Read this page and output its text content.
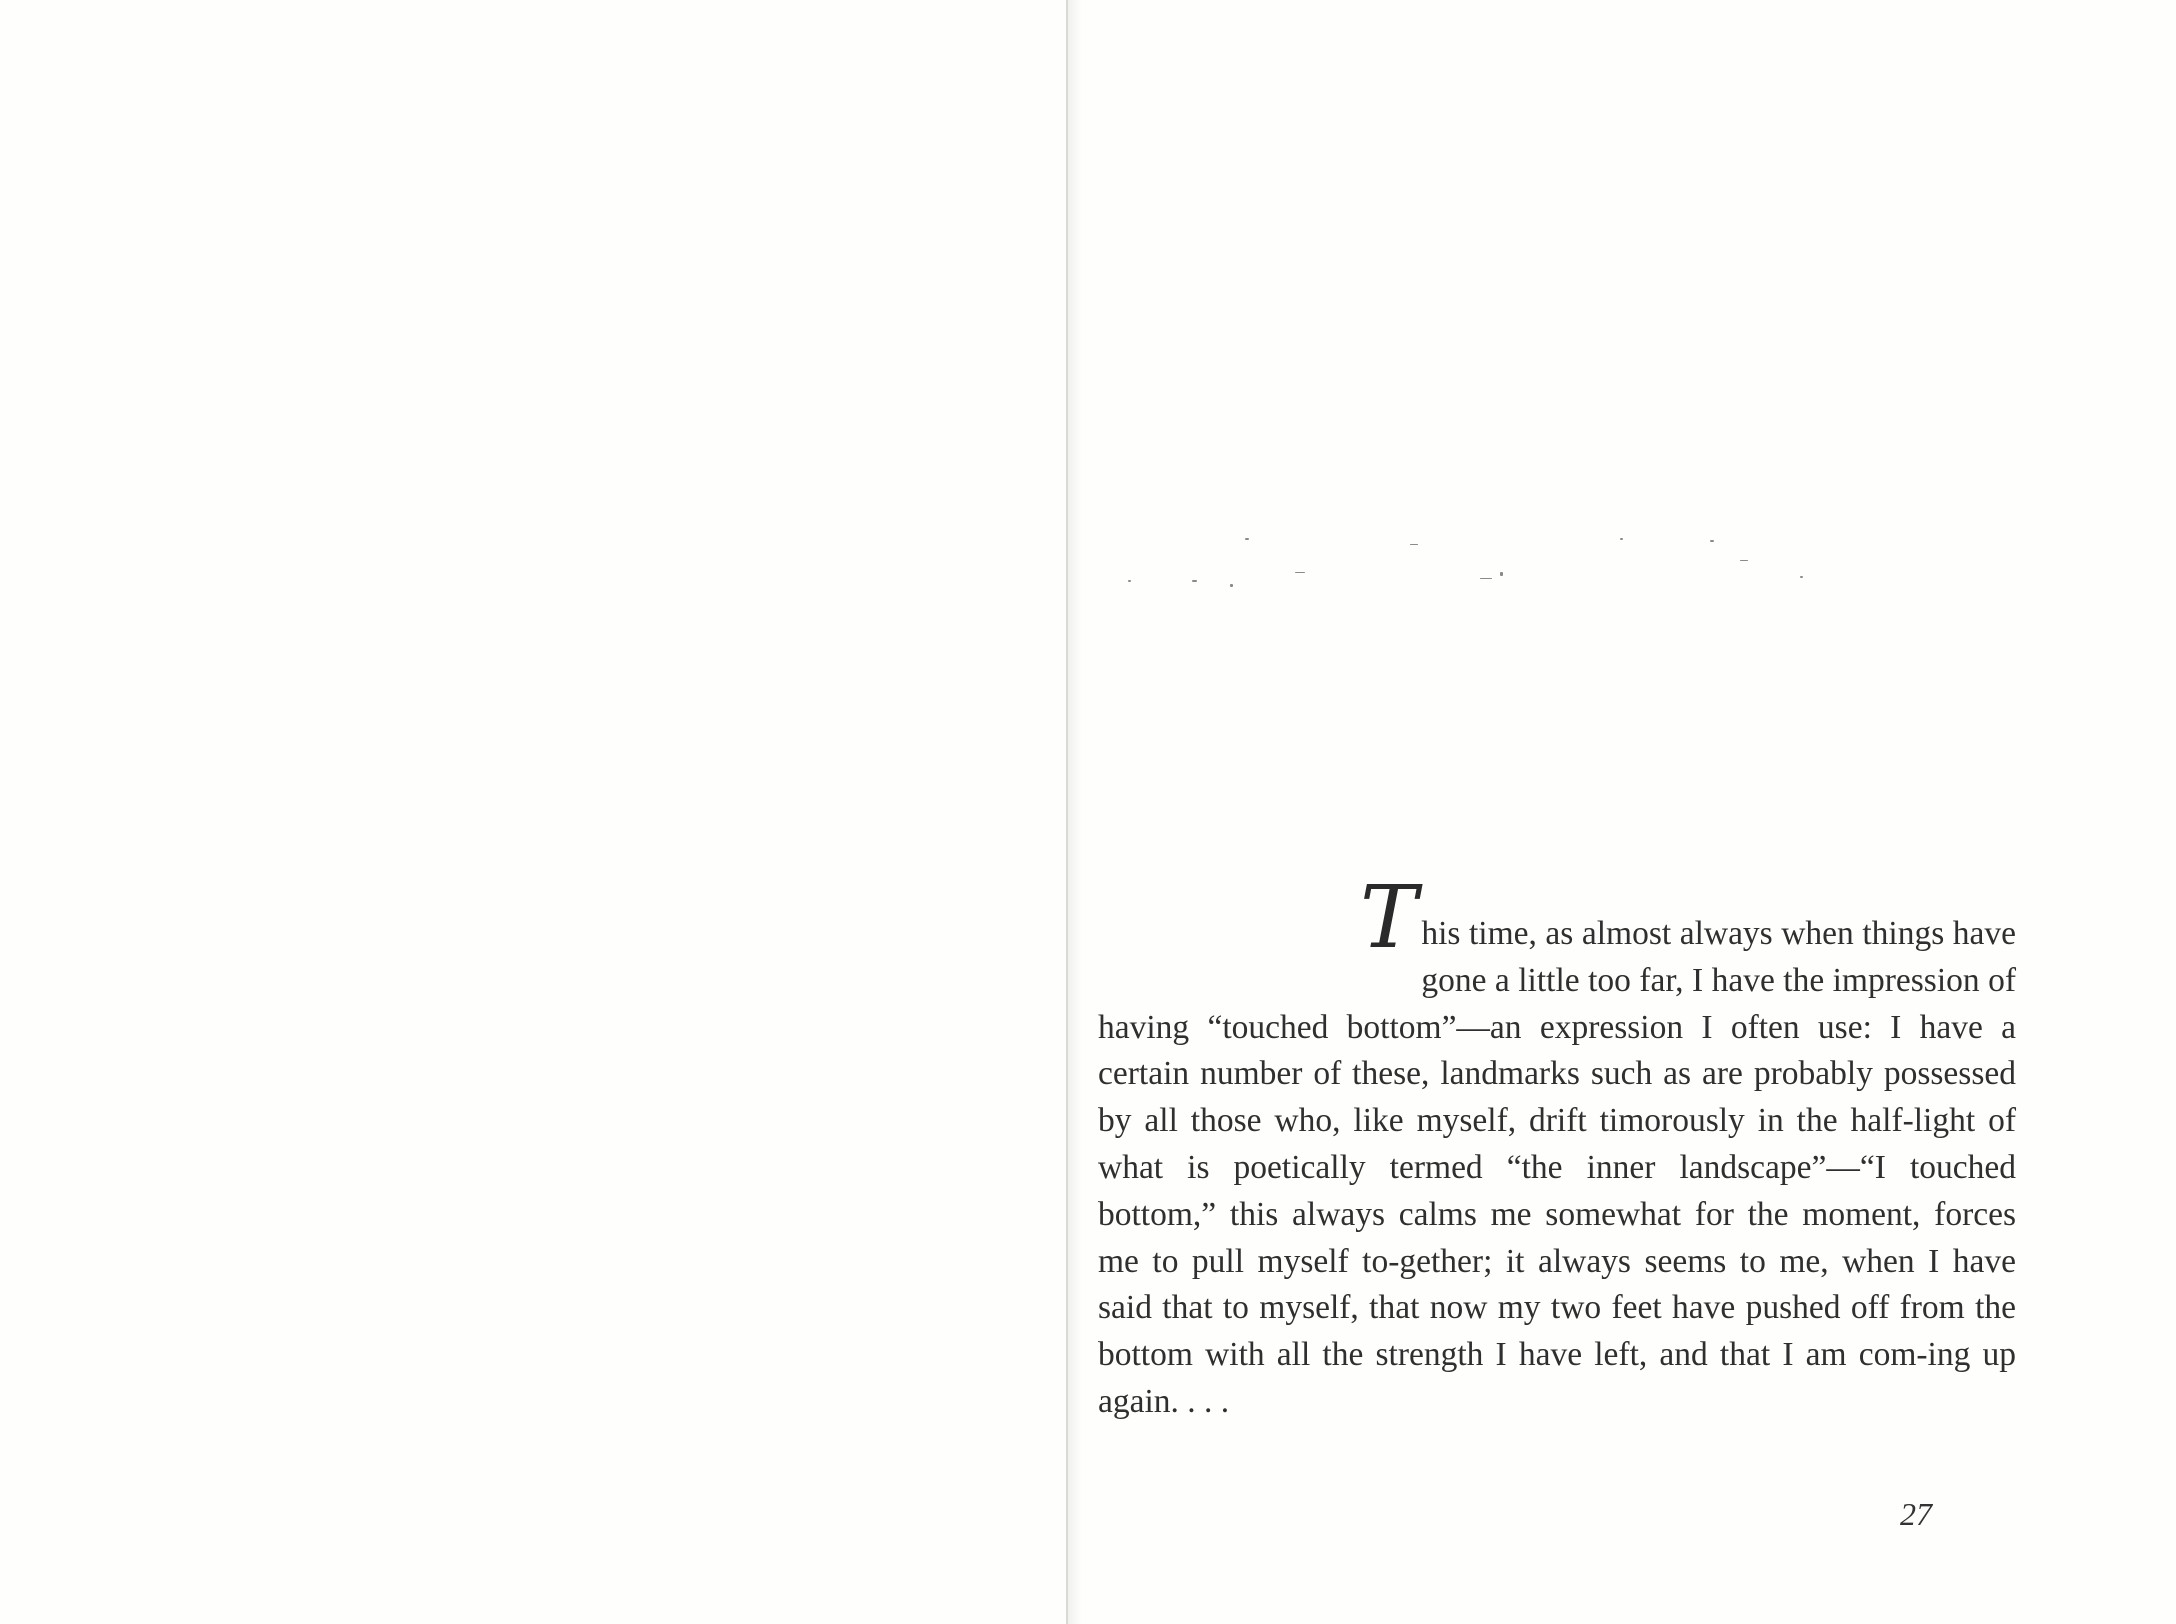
This time, as almost always when things have gone a little too far, I have the impression of having “touched bottom”—an expression I often use: I have a certain number of these, landmarks such as are probably possessed by all those who, like myself, drift timorously in the half-light of what is poetically termed “the inner landscape”—“I touched bottom,” this always calms me somewhat for the moment, forces me to pull myself to-gether; it always seems to me, when I have said that to myself, that now my two feet have pushed off from the bottom with all the strength I have left, and that I am com-ing up again. . . .

27
